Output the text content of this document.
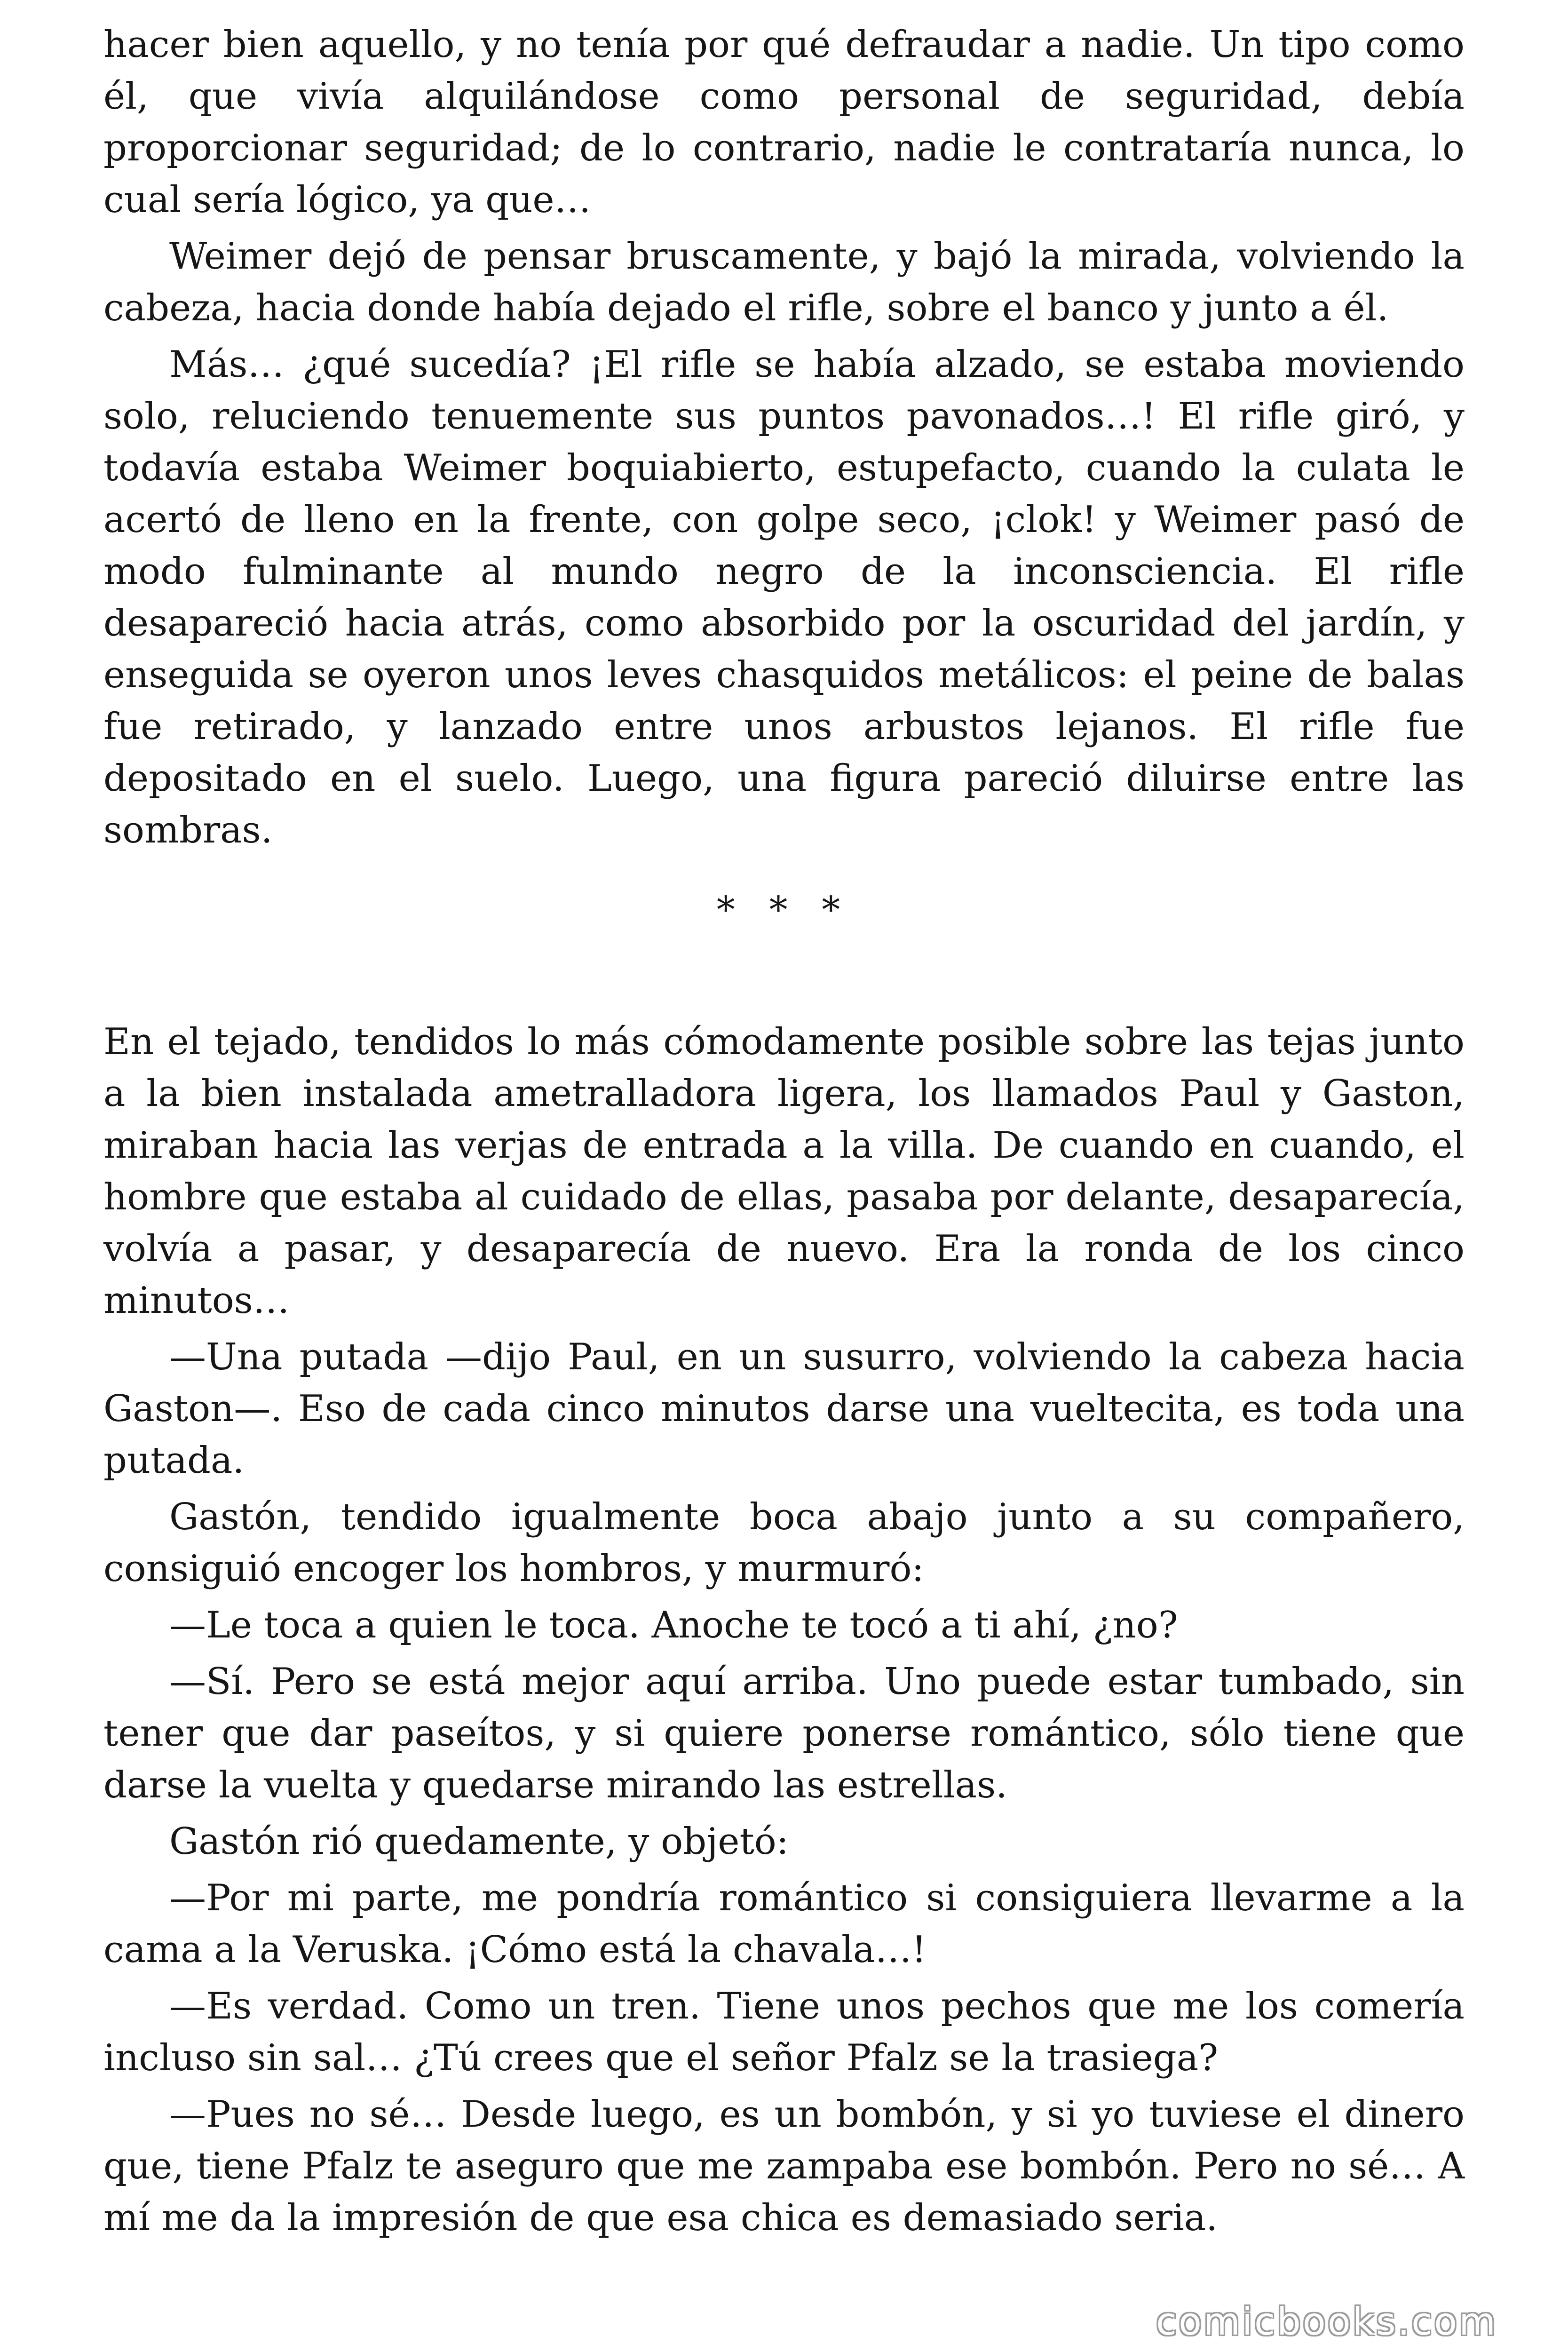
hacer bien aquello, y no tenía por qué defraudar a nadie. Un tipo como él, que vivía alquilándose como personal de seguridad, debía proporcionar seguridad; de lo contrario, nadie le contrataría nunca, lo cual sería lógico, ya que…

Weimer dejó de pensar bruscamente, y bajó la mirada, volviendo la cabeza, hacia donde había dejado el rifle, sobre el banco y junto a él.

Más… ¿qué sucedía? ¡El rifle se había alzado, se estaba moviendo solo, reluciendo tenuemente sus puntos pavonados…! El rifle giró, y todavía estaba Weimer boquiabierto, estupefacto, cuando la culata le acertó de lleno en la frente, con golpe seco, ¡clok! y Weimer pasó de modo fulminante al mundo negro de la inconsciencia. El rifle desapareció hacia atrás, como absorbido por la oscuridad del jardín, y enseguida se oyeron unos leves chasquidos metálicos: el peine de balas fue retirado, y lanzado entre unos arbustos lejanos. El rifle fue depositado en el suelo. Luego, una figura pareció diluirse entre las sombras.

* * *

En el tejado, tendidos lo más cómodamente posible sobre las tejas junto a la bien instalada ametralladora ligera, los llamados Paul y Gaston, miraban hacia las verjas de entrada a la villa. De cuando en cuando, el hombre que estaba al cuidado de ellas, pasaba por delante, desaparecía, volvía a pasar, y desaparecía de nuevo. Era la ronda de los cinco minutos…

—Una putada —dijo Paul, en un susurro, volviendo la cabeza hacia Gaston—. Eso de cada cinco minutos darse una vueltecita, es toda una putada.

Gastón, tendido igualmente boca abajo junto a su compañero, consiguió encoger los hombros, y murmuró:

—Le toca a quien le toca. Anoche te tocó a ti ahí, ¿no?

—Sí. Pero se está mejor aquí arriba. Uno puede estar tumbado, sin tener que dar paseítos, y si quiere ponerse romántico, sólo tiene que darse la vuelta y quedarse mirando las estrellas.

Gastón rió quedamente, y objetó:

—Por mi parte, me pondría romántico si consiguiera llevarme a la cama a la Veruska. ¡Cómo está la chavala…!

—Es verdad. Como un tren. Tiene unos pechos que me los comería incluso sin sal… ¿Tú crees que el señor Pfalz se la trasiega?

—Pues no sé… Desde luego, es un bombón, y si yo tuviese el dinero que, tiene Pfalz te aseguro que me zampaba ese bombón. Pero no sé… A mí me da la impresión de que esa chica es demasiado seria.

comicbooks.com
